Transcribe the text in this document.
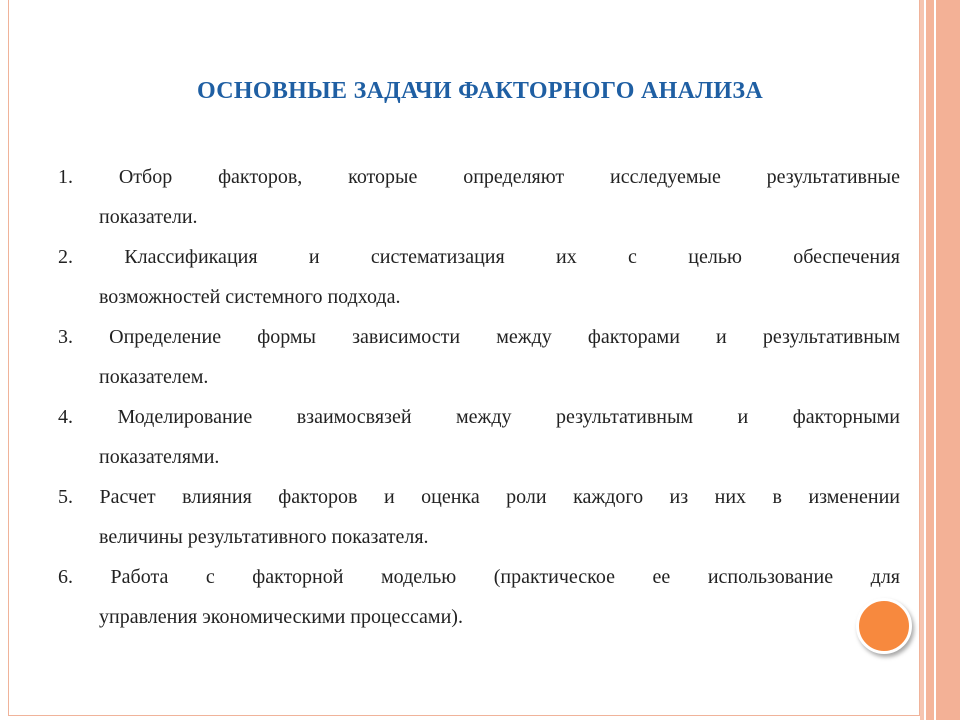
ОСНОВНЫЕ ЗАДАЧИ ФАКТОРНОГО АНАЛИЗА
1. Отбор факторов, которые определяют исследуемые результативные
показатели.
2. Классификация и систематизация их с целью обеспечения
возможностей системного подхода.
3. Определение формы зависимости между факторами и результативным
показателем.
4. Моделирование взаимосвязей между результативным и факторными
показателями.
5. Расчет влияния факторов и оценка роли каждого из них в изменении
величины результативного показателя.
6. Работа с факторной моделью (практическое ее использование для
управления экономическими процессами).
